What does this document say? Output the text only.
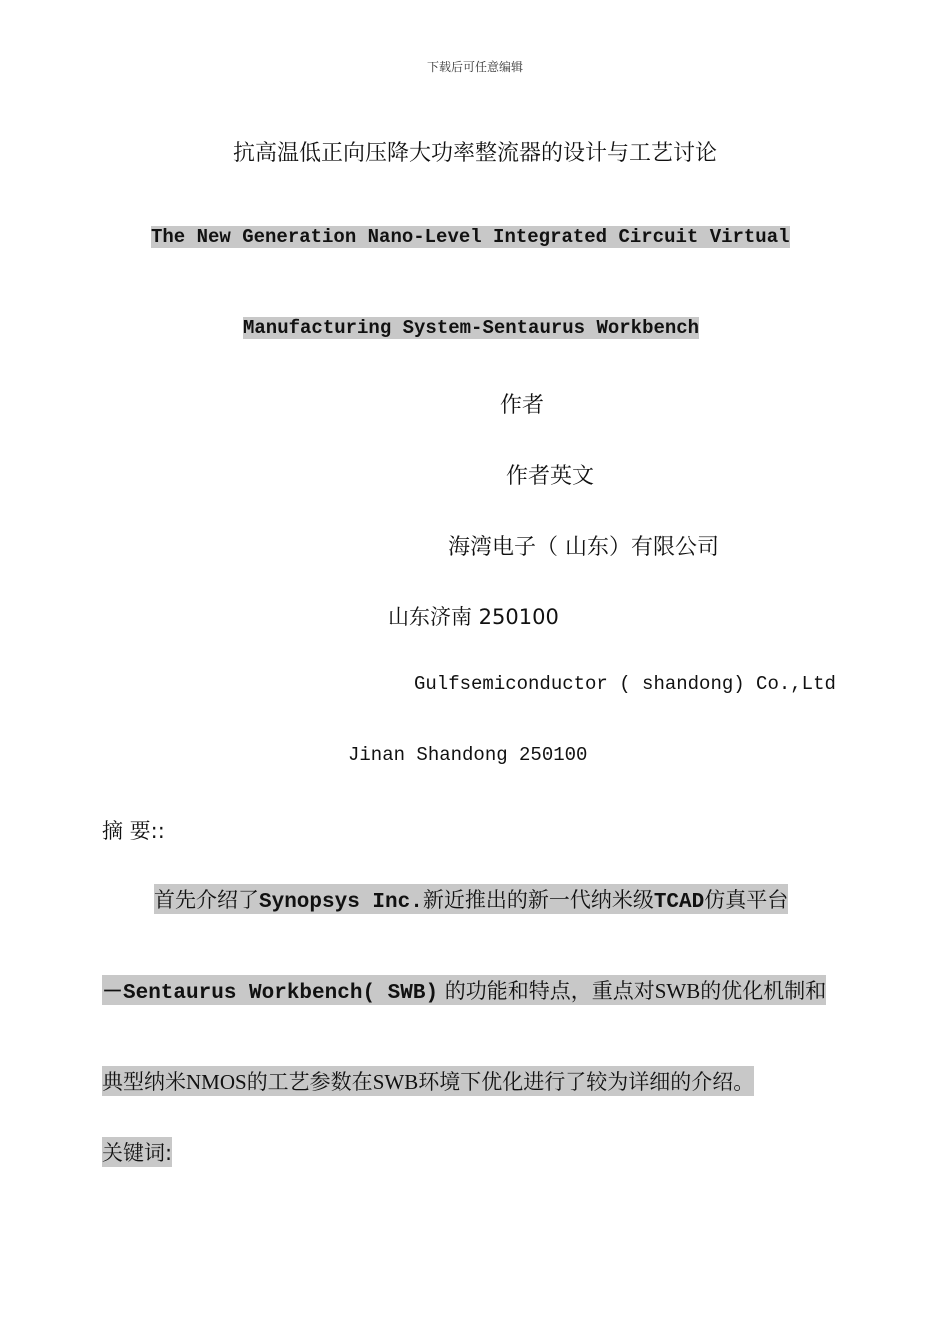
下载后可任意编辑
抗高温低正向压降大功率整流器的设计与工艺讨论
The New Generation Nano-Level Integrated Circuit Virtual
Manufacturing System-Sentaurus Workbench
作者
作者英文
海湾电子（ 山东）有限公司
山东济南 250100
Gulfsemiconductor ( shandong) Co.,Ltd
Jinan Shandong 250100
摘 要::
首先介绍了Synopsys Inc.新近推出的新一代纳米级TCAD仿真平台
－Sentaurus Workbench( SWB) 的功能和特点，重点对SWB的优化机制和
典型纳米NMOS的工艺参数在SWB环境下优化进行了较为详细的介绍。
关键词:
